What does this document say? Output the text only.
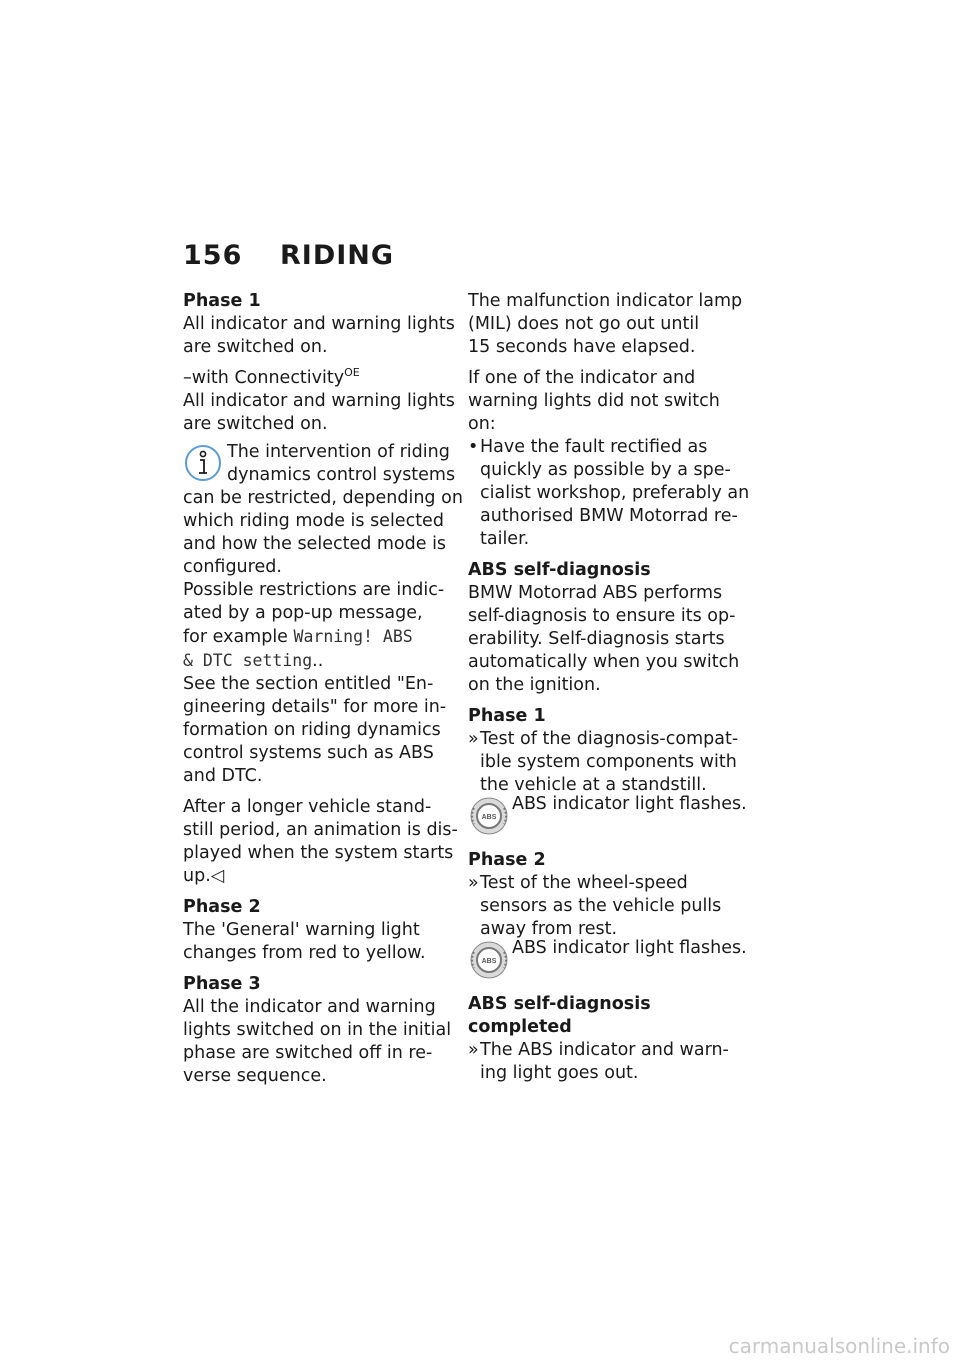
156 RIDING
Phase 1
All indicator and warning lights
are switched on.
–with Connectivity$^{OE}$
All indicator and warning lights
are switched on.
The intervention of riding
dynamics control systems
can be restricted, depending on
which riding mode is selected
and how the selected mode is
configured.
Possible restrictions are indic-
ated by a pop-up message,
for example Warning! ABS
& DTC setting..
See the section entitled "En-
gineering details" for more in-
formation on riding dynamics
control systems such as ABS
and DTC.
After a longer vehicle stand-
still period, an animation is dis-
played when the system starts
up.◁
Phase 2
The 'General' warning light
changes from red to yellow.
Phase 3
All the indicator and warning
lights switched on in the initial
phase are switched off in re-
verse sequence.
The malfunction indicator lamp
(MIL) does not go out until
15 seconds have elapsed.
If one of the indicator and
warning lights did not switch
on:
• Have the fault rectified as
quickly as possible by a spe-
cialist workshop, preferably an
authorised BMW Motorrad re-
tailer.
ABS self-diagnosis
BMW Motorrad ABS performs
self-diagnosis to ensure its op-
erability. Self-diagnosis starts
automatically when you switch
on the ignition.
Phase 1
» Test of the diagnosis-compat-
ible system components with
the vehicle at a standstill.
ABS
ABS indicator light flashes.
Phase 2
» Test of the wheel-speed
sensors as the vehicle pulls
away from rest.
ABS
ABS indicator light flashes.
ABS self-diagnosis completed
» The ABS indicator and warn-
ing light goes out.
carmanualsonline.info
